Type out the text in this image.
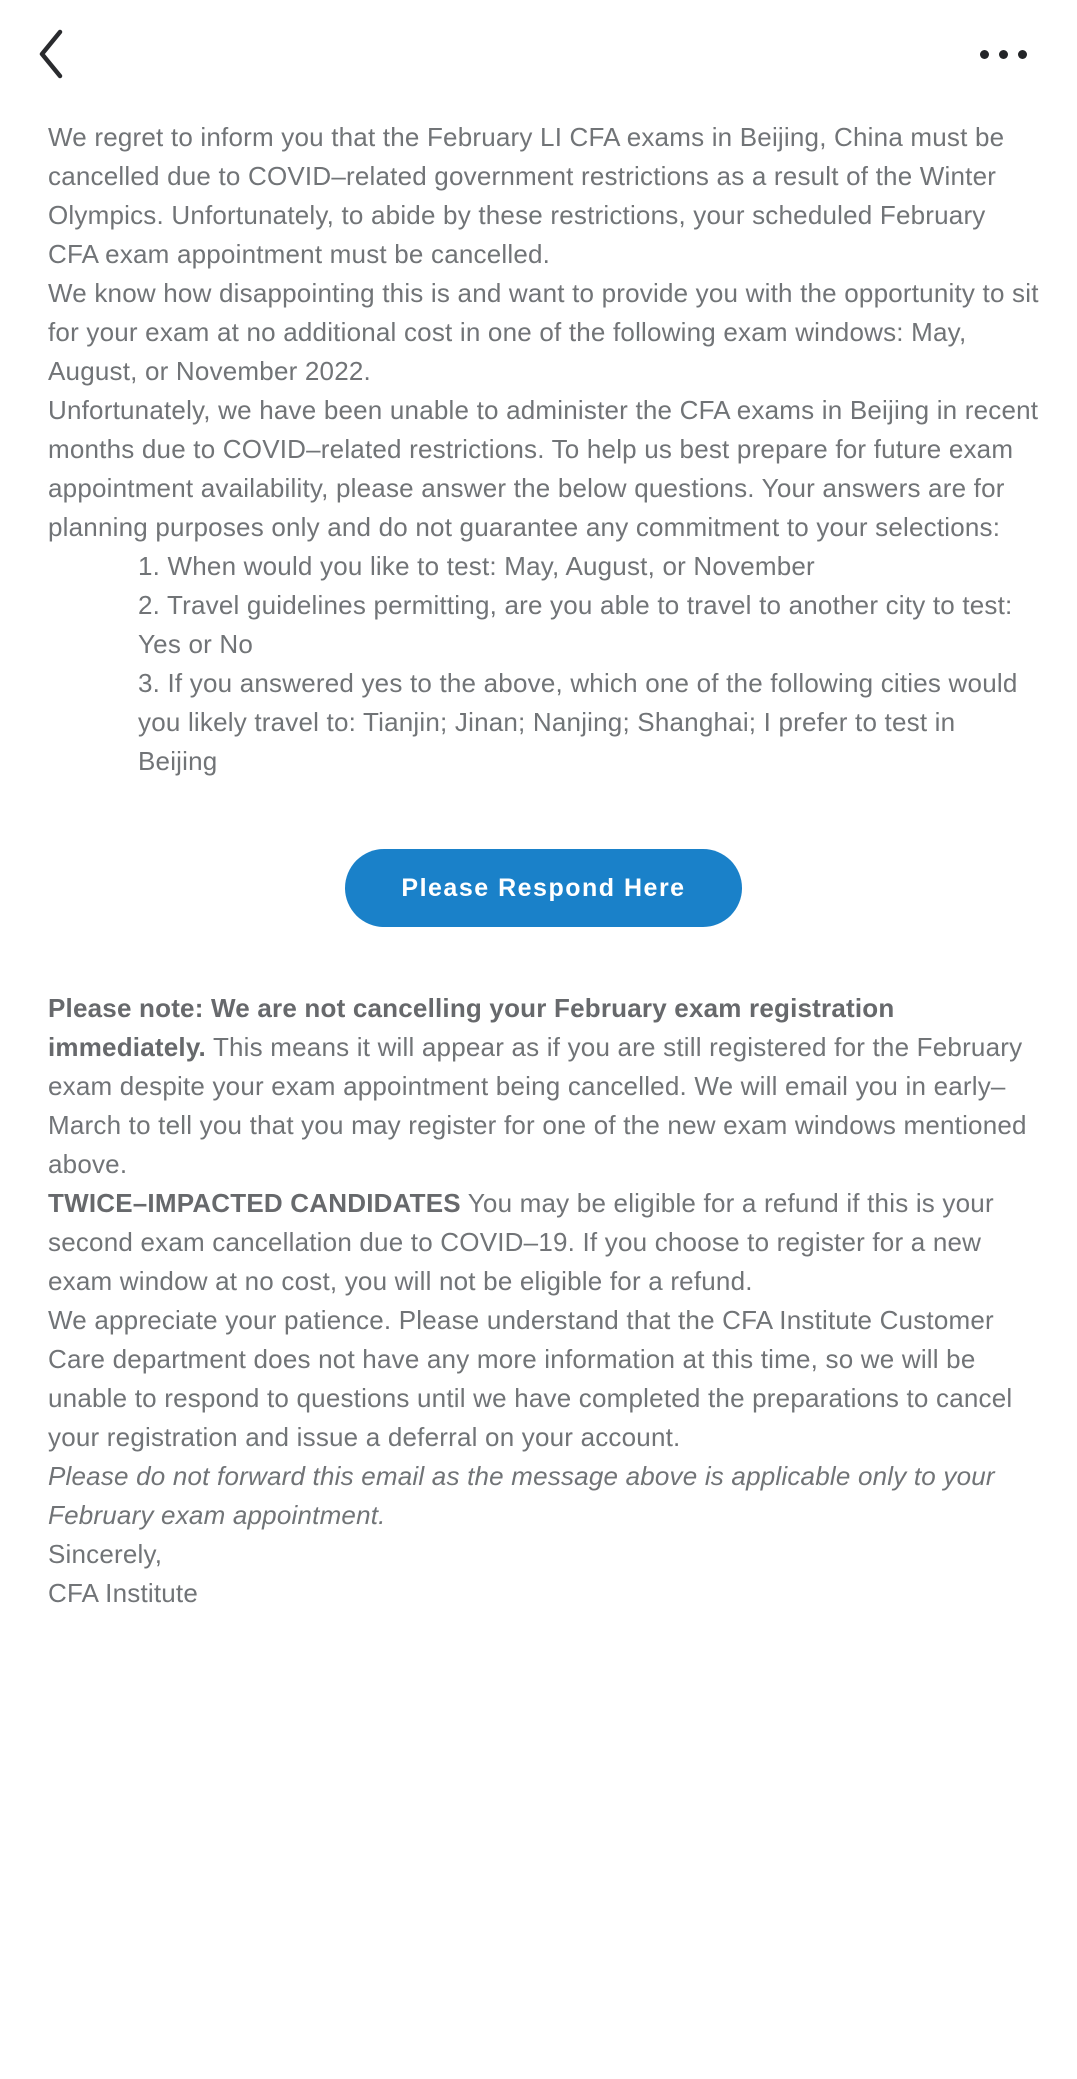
We regret to inform you that the February LI CFA exams in Beijing, China must be cancelled due to COVID–related government restrictions as a result of the Winter Olympics. Unfortunately, to abide by these restrictions, your scheduled February CFA exam appointment must be cancelled.

We know how disappointing this is and want to provide you with the opportunity to sit for your exam at no additional cost in one of the following exam windows: May, August, or November 2022.

Unfortunately, we have been unable to administer the CFA exams in Beijing in recent months due to COVID–related restrictions. To help us best prepare for future exam appointment availability, please answer the below questions. Your answers are for planning purposes only and do not guarantee any commitment to your selections:

1. When would you like to test: May, August, or November

2. Travel guidelines permitting, are you able to travel to another city to test: Yes or No

3. If you answered yes to the above, which one of the following cities would you likely travel to: Tianjin; Jinan; Nanjing; Shanghai; I prefer to test in Beijing

Please Respond Here

Please note: We are not cancelling your February exam registration immediately. This means it will appear as if you are still registered for the February exam despite your exam appointment being cancelled. We will email you in early–March to tell you that you may register for one of the new exam windows mentioned above.

TWICE–IMPACTED CANDIDATES You may be eligible for a refund if this is your second exam cancellation due to COVID–19. If you choose to register for a new exam window at no cost, you will not be eligible for a refund.

We appreciate your patience. Please understand that the CFA Institute Customer Care department does not have any more information at this time, so we will be unable to respond to questions until we have completed the preparations to cancel your registration and issue a deferral on your account.

Please do not forward this email as the message above is applicable only to your February exam appointment.

Sincerely,

CFA Institute
